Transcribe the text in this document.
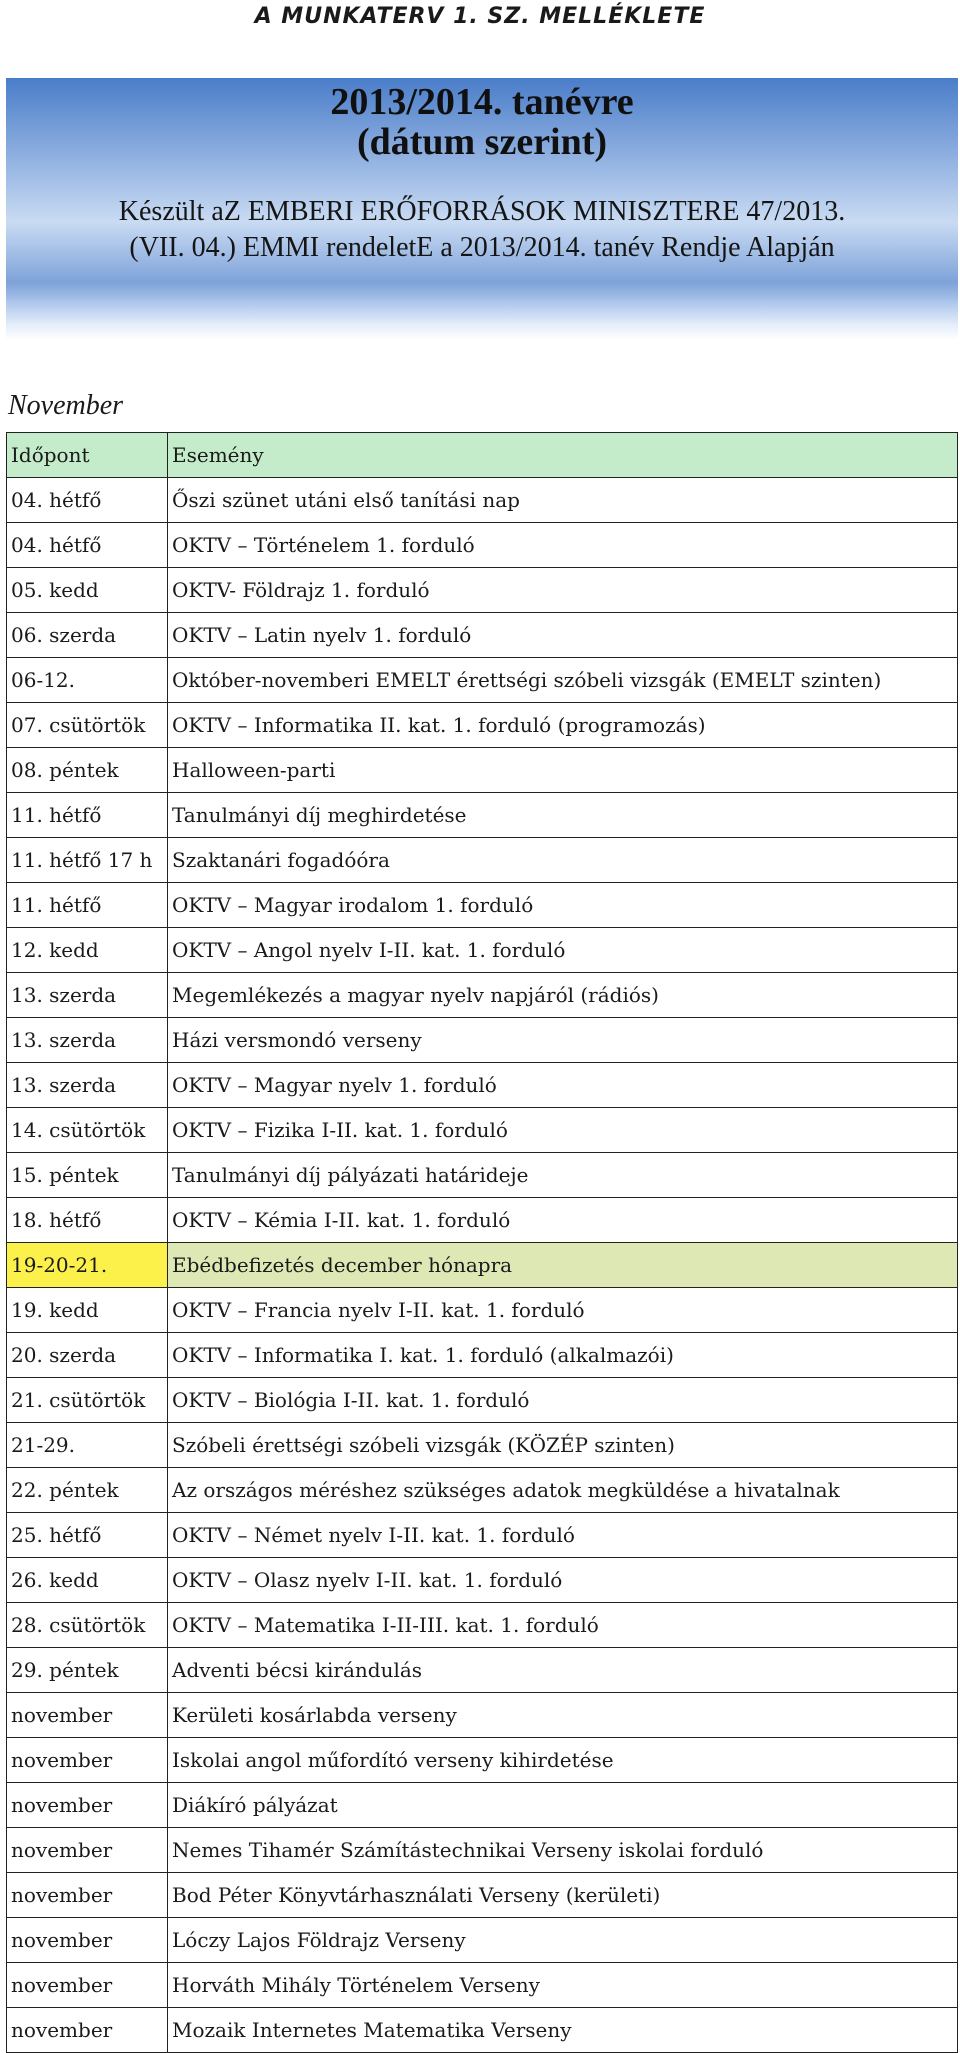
A MUNKATERV 1. SZ. MELLÉKLETE
2013/2014. tanévre
(dátum szerint)
Készült aZ EMBERI ERŐFORRÁSOK MINISZTERE 47/2013.
(VII. 04.) EMMI rendeletE a 2013/2014. tanév Rendje Alapján
November
Időpont	Esemény
04. hétfő	Őszi szünet utáni első tanítási nap
04. hétfő	OKTV – Történelem 1. forduló
05. kedd	OKTV- Földrajz 1. forduló
06. szerda	OKTV – Latin nyelv 1. forduló
06-12.	Október-novemberi EMELT érettségi szóbeli vizsgák (EMELT szinten)
07. csütörtök	OKTV – Informatika II. kat. 1. forduló (programozás)
08. péntek	Halloween-parti
11. hétfő	Tanulmányi díj meghirdetése
11. hétfő 17 h	Szaktanári fogadóóra
11. hétfő	OKTV – Magyar irodalom 1. forduló
12. kedd	OKTV – Angol nyelv I-II. kat. 1. forduló
13. szerda	Megemlékezés a magyar nyelv napjáról (rádiós)
13. szerda	Házi versmondó verseny
13. szerda	OKTV – Magyar nyelv 1. forduló
14. csütörtök	OKTV – Fizika I-II. kat. 1. forduló
15. péntek	Tanulmányi díj pályázati határideje
18. hétfő	OKTV – Kémia I-II. kat. 1. forduló
19-20-21.	Ebédbefizetés december hónapra
19. kedd	OKTV – Francia nyelv I-II. kat. 1. forduló
20. szerda	OKTV – Informatika I. kat. 1. forduló (alkalmazói)
21. csütörtök	OKTV – Biológia I-II. kat. 1. forduló
21-29.	Szóbeli érettségi szóbeli vizsgák (KÖZÉP szinten)
22. péntek	Az országos méréshez szükséges adatok megküldése a hivatalnak
25. hétfő	OKTV – Német nyelv I-II. kat. 1. forduló
26. kedd	OKTV – Olasz nyelv I-II. kat. 1. forduló
28. csütörtök	OKTV – Matematika I-II-III. kat. 1. forduló
29. péntek	Adventi bécsi kirándulás
november	Kerületi kosárlabda verseny
november	Iskolai angol műfordító verseny kihirdetése
november	Diákíró pályázat
november	Nemes Tihamér Számítástechnikai Verseny iskolai forduló
november	Bod Péter Könyvtárhasználati Verseny (kerületi)
november	Lóczy Lajos Földrajz Verseny
november	Horváth Mihály Történelem Verseny
november	Mozaik Internetes Matematika Verseny
